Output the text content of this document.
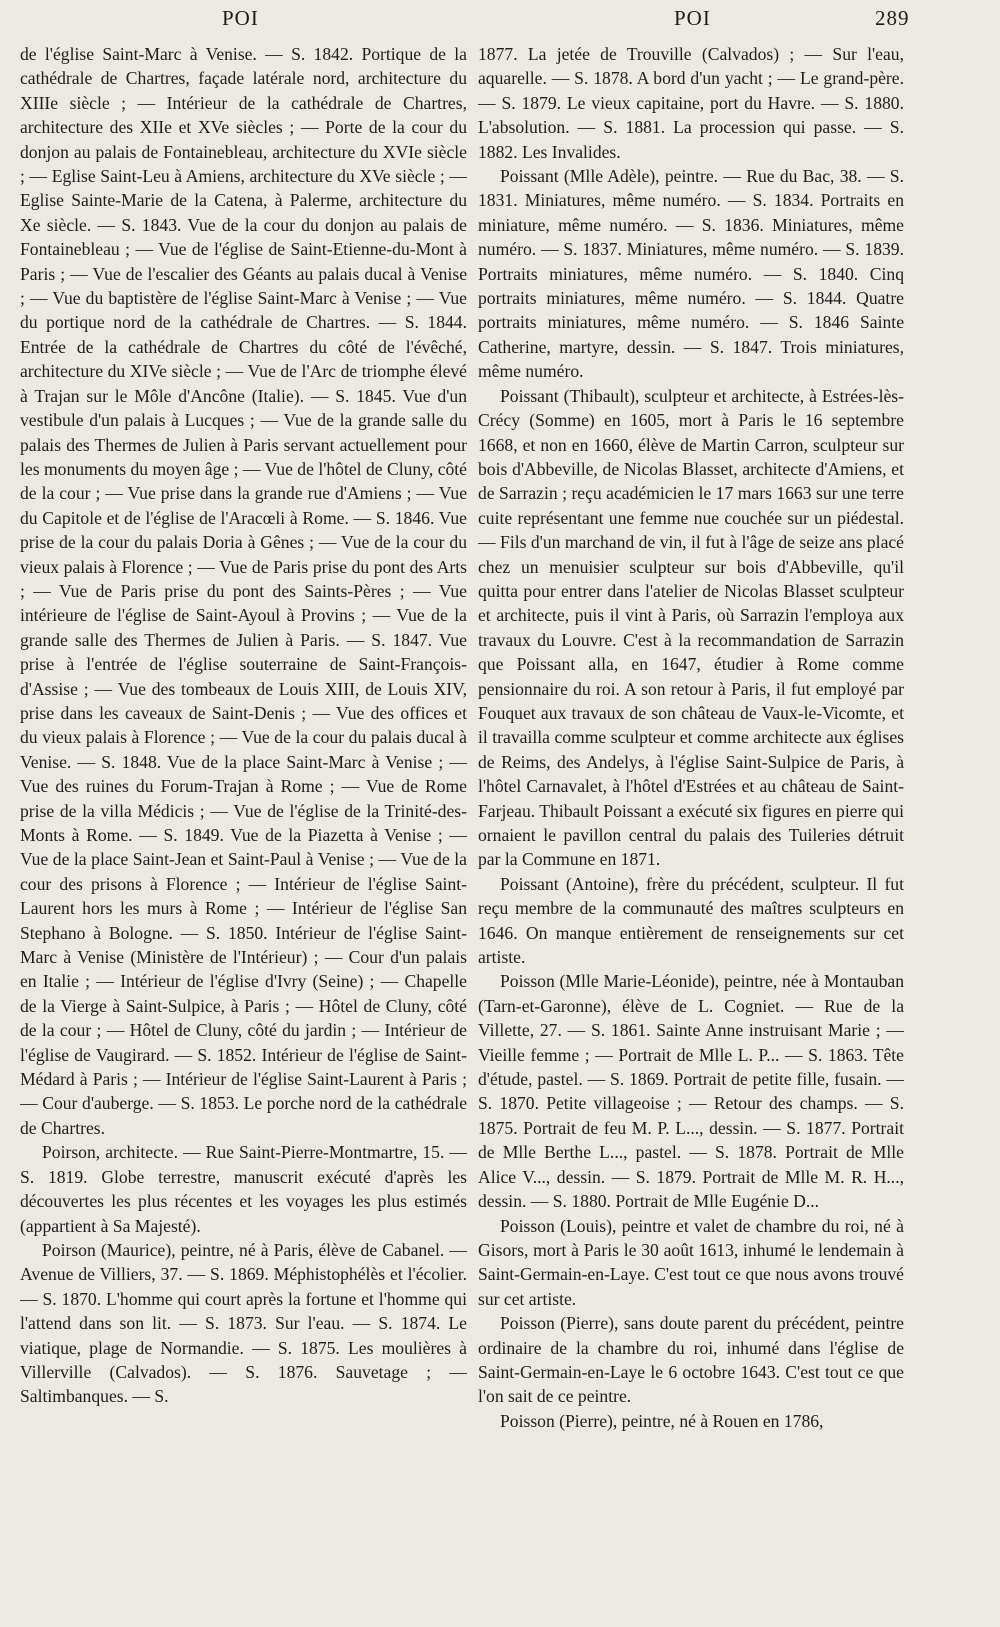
POI	POI	289

de l'église Saint-Marc à Venise. — S. 1842. Portique de la cathédrale de Chartres, façade latérale nord, architecture du XIIIe siècle ; — Intérieur de la cathédrale de Chartres, architecture des XIIe et XVe siècles ; — Porte de la cour du donjon au palais de Fontainebleau, architecture du XVIe siècle ; — Eglise Saint-Leu à Amiens, architecture du XVe siècle ; — Eglise Sainte-Marie de la Catena, à Palerme, architecture du Xe siècle. — S. 1843. Vue de la cour du donjon au palais de Fontainebleau ; — Vue de l'église de Saint-Etienne-du-Mont à Paris ; — Vue de l'escalier des Géants au palais ducal à Venise ; — Vue du baptistère de l'église Saint-Marc à Venise ; — Vue du portique nord de la cathédrale de Chartres. — S. 1844. Entrée de la cathédrale de Chartres du côté de l'évêché, architecture du XIVe siècle ; — Vue de l'Arc de triomphe élevé à Trajan sur le Môle d'Ancône (Italie). — S. 1845. Vue d'un vestibule d'un palais à Lucques ; — Vue de la grande salle du palais des Thermes de Julien à Paris servant actuellement pour les monuments du moyen âge ; — Vue de l'hôtel de Cluny, côté de la cour ; — Vue prise dans la grande rue d'Amiens ; — Vue du Capitole et de l'église de l'Aracœli à Rome. — S. 1846. Vue prise de la cour du palais Doria à Gênes ; — Vue de la cour du vieux palais à Florence ; — Vue de Paris prise du pont des Arts ; — Vue de Paris prise du pont des Saints-Pères ; — Vue intérieure de l'église de Saint-Ayoul à Provins ; — Vue de la grande salle des Thermes de Julien à Paris. — S. 1847. Vue prise à l'entrée de l'église souterraine de Saint-François-d'Assise ; — Vue des tombeaux de Louis XIII, de Louis XIV, prise dans les caveaux de Saint-Denis ; — Vue des offices et du vieux palais à Florence ; — Vue de la cour du palais ducal à Venise. — S. 1848. Vue de la place Saint-Marc à Venise ; — Vue des ruines du Forum-Trajan à Rome ; — Vue de Rome prise de la villa Médicis ; — Vue de l'église de la Trinité-des-Monts à Rome. — S. 1849. Vue de la Piazetta à Venise ; — Vue de la place Saint-Jean et Saint-Paul à Venise ; — Vue de la cour des prisons à Florence ; — Intérieur de l'église Saint-Laurent hors les murs à Rome ; — Intérieur de l'église San Stephano à Bologne. — S. 1850. Intérieur de l'église Saint-Marc à Venise (Ministère de l'Intérieur) ; — Cour d'un palais en Italie ; — Intérieur de l'église d'Ivry (Seine) ; — Chapelle de la Vierge à Saint-Sulpice, à Paris ; — Hôtel de Cluny, côté de la cour ; — Hôtel de Cluny, côté du jardin ; — Intérieur de l'église de Vaugirard. — S. 1852. Intérieur de l'église de Saint-Médard à Paris ; — Intérieur de l'église Saint-Laurent à Paris ; — Cour d'auberge. — S. 1853. Le porche nord de la cathédrale de Chartres.

Poirson, architecte. — Rue Saint-Pierre-Montmartre, 15. — S. 1819. Globe terrestre, manuscrit exécuté d'après les découvertes les plus récentes et les voyages les plus estimés (appartient à Sa Majesté).

Poirson (Maurice), peintre, né à Paris, élève de Cabanel. — Avenue de Villiers, 37. — S. 1869. Méphistophélès et l'écolier. — S. 1870. L'homme qui court après la fortune et l'homme qui l'attend dans son lit. — S. 1873. Sur l'eau. — S. 1874. Le viatique, plage de Normandie. — S. 1875. Les moulières à Villerville (Calvados). — S. 1876. Sauvetage ; — Saltimbanques. — S.

1877. La jetée de Trouville (Calvados) ; — Sur l'eau, aquarelle. — S. 1878. A bord d'un yacht ; — Le grand-père. — S. 1879. Le vieux capitaine, port du Havre. — S. 1880. L'absolution. — S. 1881. La procession qui passe. — S. 1882. Les Invalides.

Poissant (Mlle Adèle), peintre. — Rue du Bac, 38. — S. 1831. Miniatures, même numéro. — S. 1834. Portraits en miniature, même numéro. — S. 1836. Miniatures, même numéro. — S. 1837. Miniatures, même numéro. — S. 1839. Portraits miniatures, même numéro. — S. 1840. Cinq portraits miniatures, même numéro. — S. 1844. Quatre portraits miniatures, même numéro. — S. 1846 Sainte Catherine, martyre, dessin. — S. 1847. Trois miniatures, même numéro.

Poissant (Thibault), sculpteur et architecte, à Estrées-lès-Crécy (Somme) en 1605, mort à Paris le 16 septembre 1668, et non en 1660, élève de Martin Carron, sculpteur sur bois d'Abbeville, de Nicolas Blasset, architecte d'Amiens, et de Sarrazin ; reçu académicien le 17 mars 1663 sur une terre cuite représentant une femme nue couchée sur un piédestal. — Fils d'un marchand de vin, il fut à l'âge de seize ans placé chez un menuisier sculpteur sur bois d'Abbeville, qu'il quitta pour entrer dans l'atelier de Nicolas Blasset sculpteur et architecte, puis il vint à Paris, où Sarrazin l'employa aux travaux du Louvre. C'est à la recommandation de Sarrazin que Poissant alla, en 1647, étudier à Rome comme pensionnaire du roi. A son retour à Paris, il fut employé par Fouquet aux travaux de son château de Vaux-le-Vicomte, et il travailla comme sculpteur et comme architecte aux églises de Reims, des Andelys, à l'église Saint-Sulpice de Paris, à l'hôtel Carnavalet, à l'hôtel d'Estrées et au château de Saint-Farjeau. Thibault Poissant a exécuté six figures en pierre qui ornaient le pavillon central du palais des Tuileries détruit par la Commune en 1871.

Poissant (Antoine), frère du précédent, sculpteur. Il fut reçu membre de la communauté des maîtres sculpteurs en 1646. On manque entièrement de renseignements sur cet artiste.

Poisson (Mlle Marie-Léonide), peintre, née à Montauban (Tarn-et-Garonne), élève de L. Cogniet. — Rue de la Villette, 27. — S. 1861. Sainte Anne instruisant Marie ; — Vieille femme ; — Portrait de Mlle L. P... — S. 1863. Tête d'étude, pastel. — S. 1869. Portrait de petite fille, fusain. — S. 1870. Petite villageoise ; — Retour des champs. — S. 1875. Portrait de feu M. P. L..., dessin. — S. 1877. Portrait de Mlle Berthe L..., pastel. — S. 1878. Portrait de Mlle Alice V..., dessin. — S. 1879. Portrait de Mlle M. R. H..., dessin. — S. 1880. Portrait de Mlle Eugénie D...

Poisson (Louis), peintre et valet de chambre du roi, né à Gisors, mort à Paris le 30 août 1613, inhumé le lendemain à Saint-Germain-en-Laye. C'est tout ce que nous avons trouvé sur cet artiste.

Poisson (Pierre), sans doute parent du précédent, peintre ordinaire de la chambre du roi, inhumé dans l'église de Saint-Germain-en-Laye le 6 octobre 1643. C'est tout ce que l'on sait de ce peintre.

Poisson (Pierre), peintre, né à Rouen en 1786,
